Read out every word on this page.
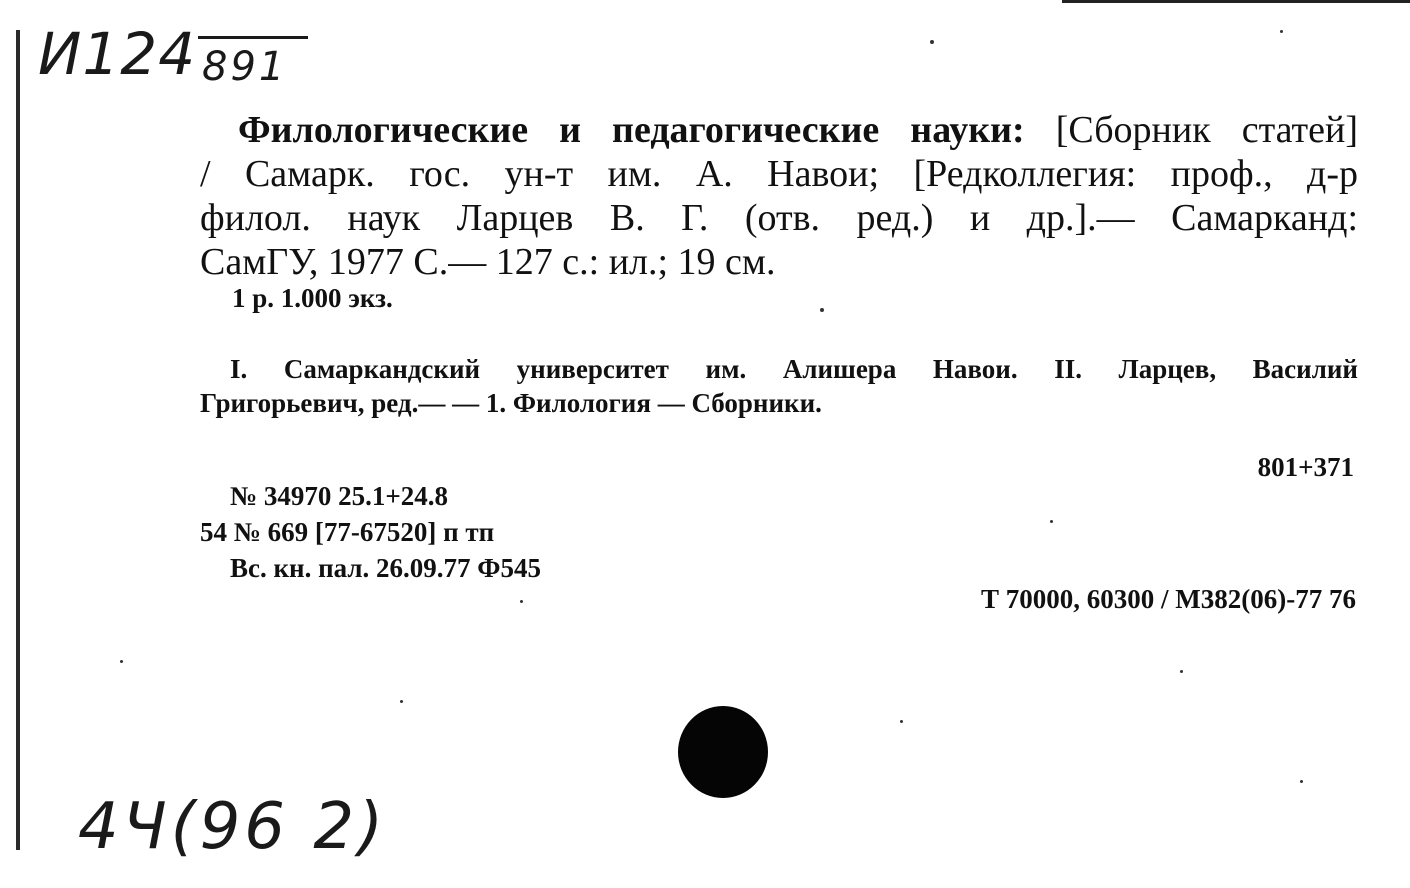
И124 891
Филологические и педагогические науки: [Сборник статей]
/ Самарк. гос. ун-т им. А. Навои; [Редколлегия: проф., д-р
филол. наук Ларцев В. Г. (отв. ред.) и др.].— Самарканд:
СамГУ, 1977 С.— 127 с.: ил.; 19 см.
1 р. 1.000 экз.
I. Самаркандский университет им. Алишера Навои. II. Ларцев, Василий
Григорьевич, ред.— — 1. Филология — Сборники.
801+371
№ 34970 25.1+24.8
54 № 669 [77-67520] п тп
Вс. кн. пал. 26.09.77 Ф545
Т 70000, 60300 / М382(06)-77 76
4Ч(96 2)
